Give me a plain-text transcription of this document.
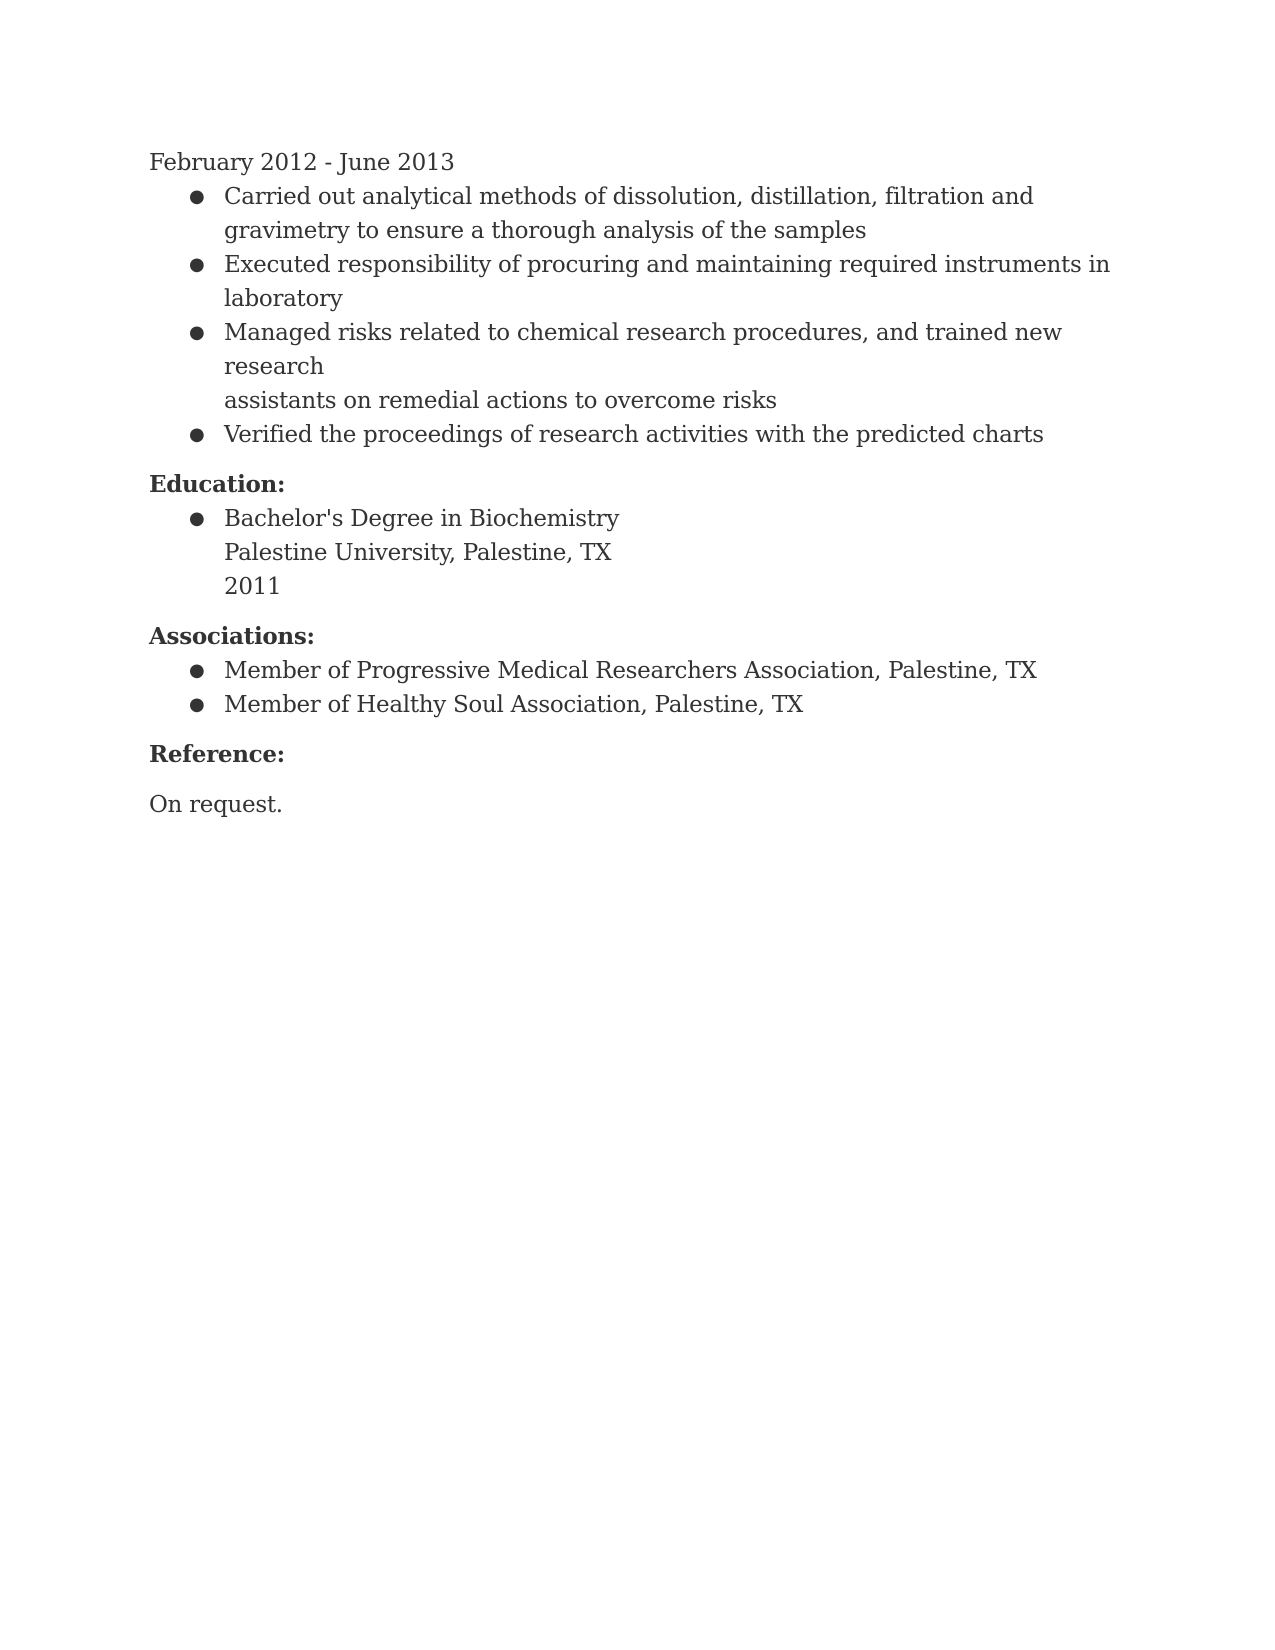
February 2012 - June 2013

● Carried out analytical methods of dissolution, distillation, filtration and
gravimetry to ensure a thorough analysis of the samples
● Executed responsibility of procuring and maintaining required instruments in
laboratory
● Managed risks related to chemical research procedures, and trained new research
assistants on remedial actions to overcome risks
● Verified the proceedings of research activities with the predicted charts

Education:

● Bachelor's Degree in Biochemistry
Palestine University, Palestine, TX
2011

Associations:

● Member of Progressive Medical Researchers Association, Palestine, TX
● Member of Healthy Soul Association, Palestine, TX

Reference:

On request.
